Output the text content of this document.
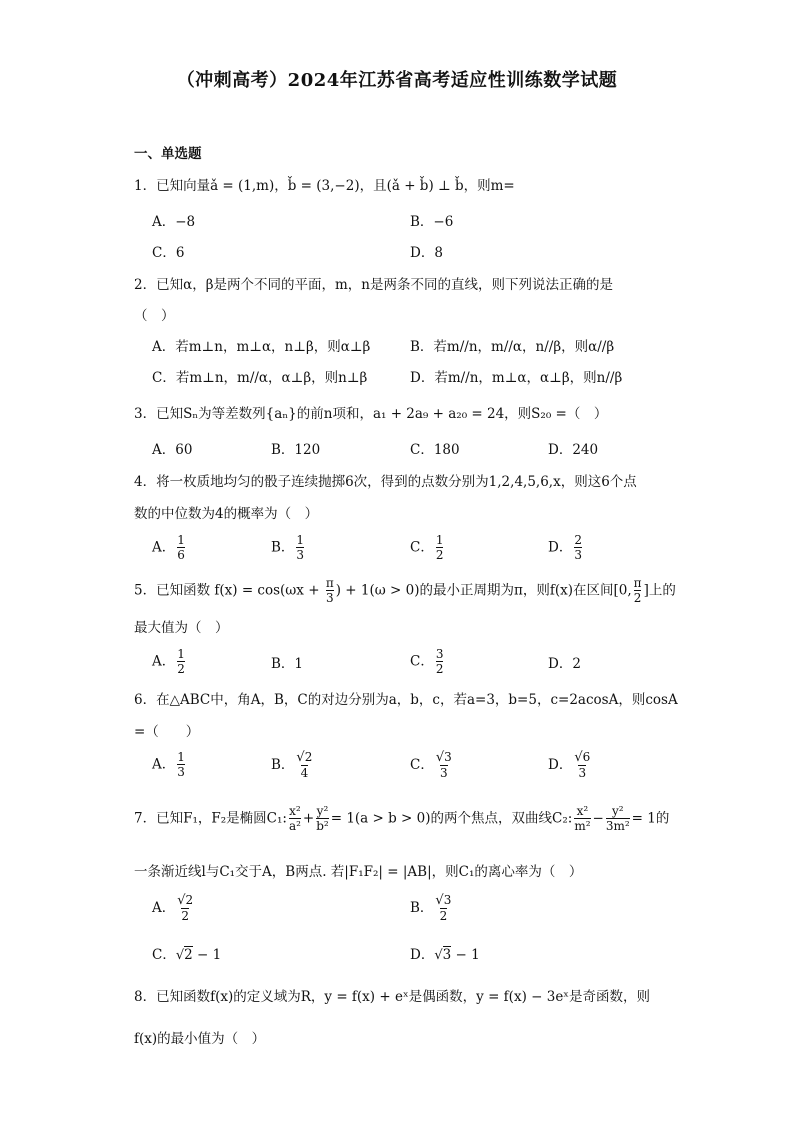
（冲刺高考）2024年江苏省高考适应性训练数学试题
一、单选题
1．已知向量ǎ = (1,m)，b̌ = (3,−2)，且(ǎ + b̌) ⊥ b̌，则m=
A．−8	B．−6
C．6	D．8
2．已知α，β是两个不同的平面，m，n是两条不同的直线，则下列说法正确的是
（　）
A．若m⊥n，m⊥α，n⊥β，则α⊥β	B．若m//n，m//α，n//β，则α//β
C．若m⊥n，m//α，α⊥β，则n⊥β	D．若m//n，m⊥α，α⊥β，则n//β
3．已知Sₙ为等差数列{aₙ}的前n项和，a₁ + 2a₉ + a₂₀ = 24，则S₂₀ =（　）
A．60	B．120	C．180	D．240
4．将一枚质地均匀的骰子连续抛掷6次，得到的点数分别为1,2,4,5,6,x，则这6个点
数的中位数为4的概率为（　）
A． $\frac{1}{6}$	B． $\frac{1}{3}$	C． $\frac{1}{2}$	D． $\frac{2}{3}$
5．已知函数 $f(x) = \cos(\omega x + \frac{\pi}{3}$ ) + 1(ω > 0)的最小正周期为π，则f(x)在区间[0, $\frac{\pi}{2}$ ]上的
最大值为（　）
A． $\frac{1}{2}$	B．1	C． $\frac{3}{2}$	D．2
6．在△ABC中，角A，B，C的对边分别为a，b，c，若a=3，b=5，c=2acosA，则cosA
=（　　）
A． $\frac{1}{3}$	B． $\frac{√2}{4}$	C． $\frac{√3}{3}$	D． $\frac{√6}{3}$
7．已知F₁，F₂是椭圆C₁: $\frac{\text{x²}}{\text{a²}} + \frac{\text{y²}}{\text{b²}} = 1(a > b > 0)$的两个焦点，双曲线C₂: $\frac{\text{x²}}{\text{m²}} - \frac{\text{y²}}{\text{3m²}} = 1$的
一条渐近线l与C₁交于A，B两点. 若|F₁F₂| = |AB|，则C₁的离心率为（　）
A． $\frac{√2}{2}$	B． $\frac{√3}{2}$
C．√2 − 1	D．√3 − 1
8．已知函数f(x)的定义域为R，y = f(x) + eˣ是偶函数，y = f(x) − 3eˣ是奇函数，则
f(x)的最小值为（　）
